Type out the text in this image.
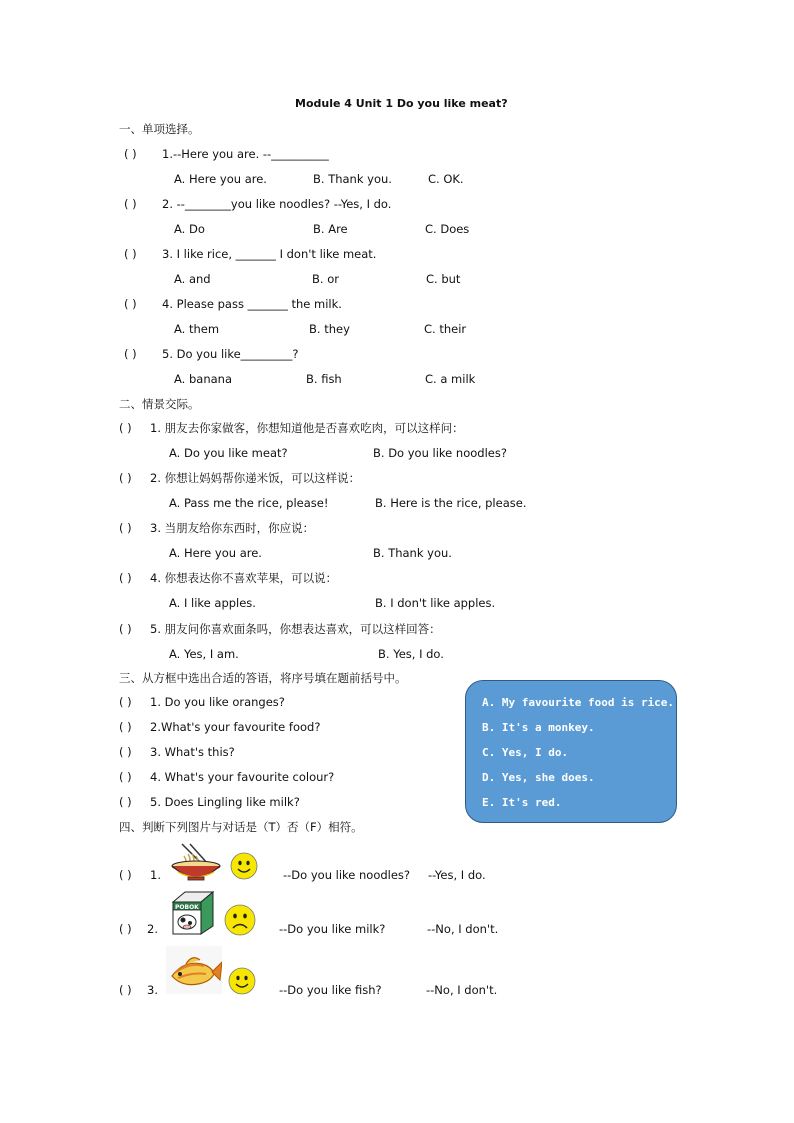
Module 4 Unit 1 Do you like meat?
一、单项选择。
( ) 1.--Here you are. --__________
A. Here you are.	B. Thank you.	C. OK.
( ) 2. --________you like noodles? --Yes, I do.
A. Do	B. Are	C. Does
( ) 3. I like rice, _______ I don't like meat.
A. and	B. or	C. but
( ) 4. Please pass _______ the milk.
A. them	B. they	C. their
( ) 5. Do you like_________?
A. banana	B. fish	C. a milk
二、情景交际。
( ) 1. 朋友去你家做客，你想知道他是否喜欢吃肉，可以这样问：
A. Do you like meat?	B. Do you like noodles?
( ) 2. 你想让妈妈帮你递米饭，可以这样说：
A. Pass me the rice, please!	B. Here is the rice, please.
( ) 3. 当朋友给你东西时，你应说：
A. Here you are.	B. Thank you.
( ) 4. 你想表达你不喜欢苹果，可以说：
A. I like apples.	B. I don't like apples.
( ) 5. 朋友问你喜欢面条吗，你想表达喜欢，可以这样回答：
A. Yes, I am.	B. Yes, I do.
三、从方框中选出合适的答语，将序号填在题前括号中。
( ) 1. Do you like oranges?
( ) 2.What's your favourite food?
( ) 3. What's this?
( ) 4. What's your favourite colour?
( ) 5. Does Lingling like milk?
A. My favourite food is rice.
B. It's a monkey.
C. Yes, I do.
D. Yes, she does.
E. It's red.
四、判断下列图片与对话是（T）否（F）相符。
( ) 1.	--Do you like noodles? --Yes, I do.
( ) 2.
POBOK
--Do you like milk?	--No, I don't.
( ) 3.	--Do you like fish?	--No, I don't.
